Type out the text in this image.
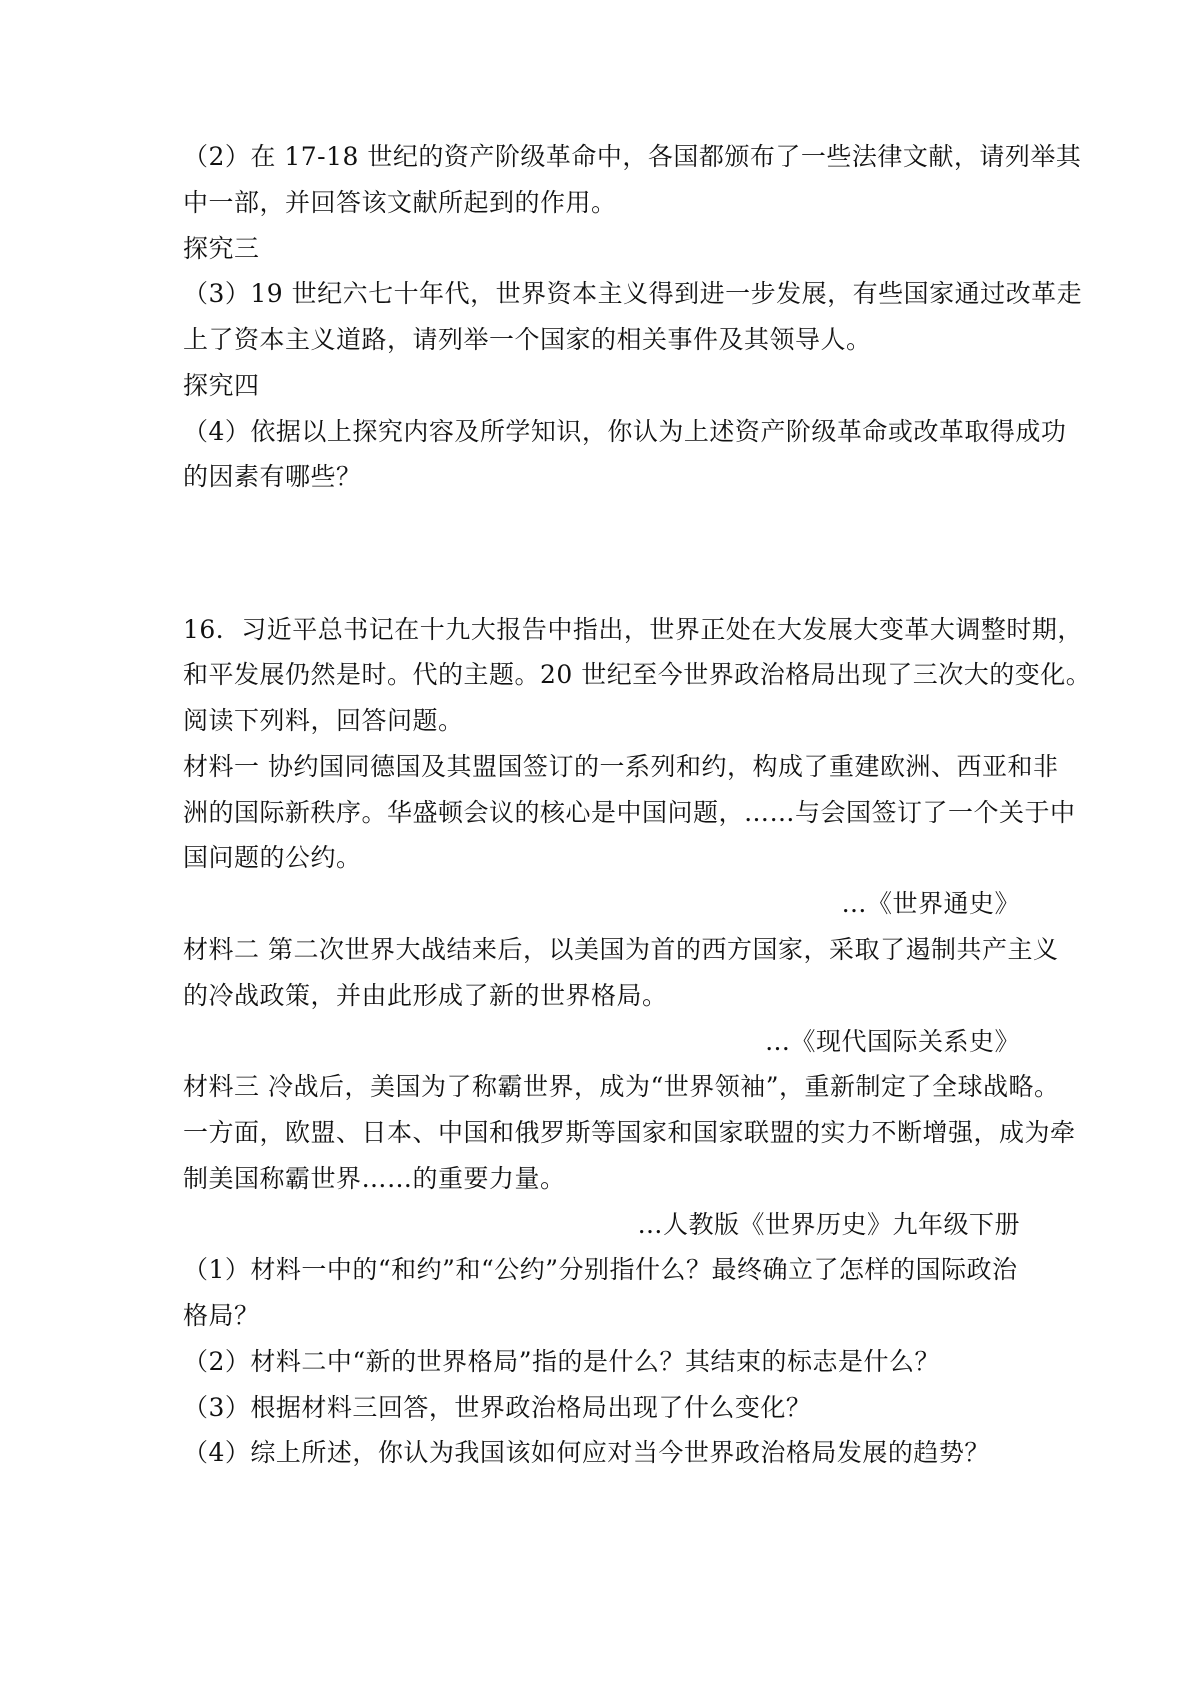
（2）在 17-18 世纪的资产阶级革命中，各国都颁布了一些法律文献，请列举其
中一部，并回答该文献所起到的作用。
探究三
（3）19 世纪六七十年代，世界资本主义得到进一步发展，有些国家通过改革走
上了资本主义道路，请列举一个国家的相关事件及其领导人。
探究四
（4）依据以上探究内容及所学知识，你认为上述资产阶级革命或改革取得成功
的因素有哪些？
16．习近平总书记在十九大报告中指出，世界正处在大发展大变革大调整时期，
和平发展仍然是时。代的主题。20 世纪至今世界政治格局出现了三次大的变化。
阅读下列料，回答问题。
材料一 协约国同德国及其盟国签订的一系列和约，构成了重建欧洲、西亚和非
洲的国际新秩序。华盛顿会议的核心是中国问题，……与会国签订了一个关于中
国问题的公约。
…《世界通史》
材料二 第二次世界大战结来后，以美国为首的西方国家，采取了遏制共产主义
的冷战政策，并由此形成了新的世界格局。
…《现代国际关系史》
材料三 冷战后，美国为了称霸世界，成为“世界领袖”，重新制定了全球战略。
一方面，欧盟、日本、中国和俄罗斯等国家和国家联盟的实力不断增强，成为牵
制美国称霸世界……的重要力量。
…人教版《世界历史》九年级下册
（1）材料一中的“和约”和“公约”分别指什么？最终确立了怎样的国际政治
格局？
（2）材料二中“新的世界格局”指的是什么？其结束的标志是什么？
（3）根据材料三回答，世界政治格局出现了什么变化？
（4）综上所述，你认为我国该如何应对当今世界政治格局发展的趋势？
